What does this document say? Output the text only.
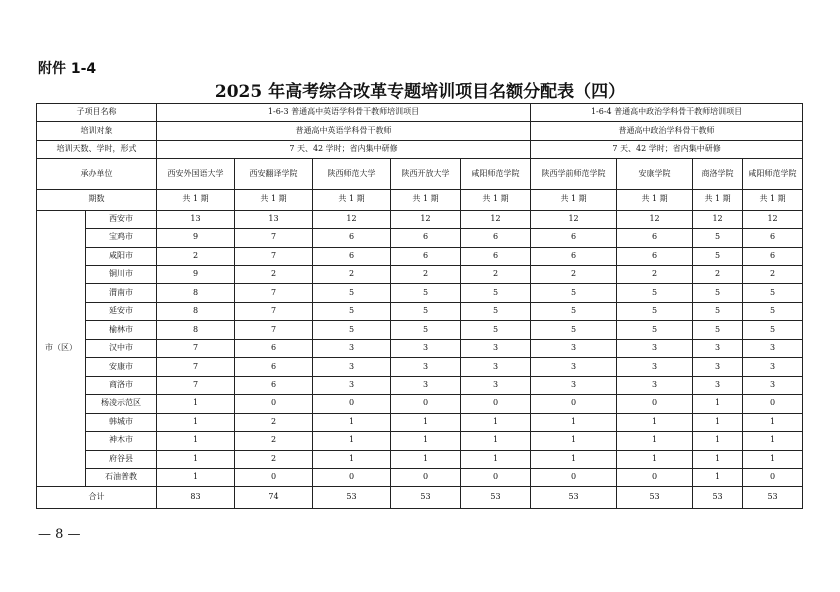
附件 1-4
2025 年高考综合改革专题培训项目名额分配表（四）
子项目名称		1-6-3 普通高中英语学科骨干教师培训项目					1-6-4 普通高中政治学科骨干教师培训项目			
培训对象		普通高中英语学科骨干教师					普通高中政治学科骨干教师			
培训天数、学时，形式		7 天、42 学时；省内集中研修					7 天、42 学时；省内集中研修			
承办单位		西安外国语大学	西安翻译学院	陕西师范大学	陕西开放大学	咸阳师范学院	陕西学前师范学院	安康学院	商洛学院	咸阳师范学院
期数		共 1 期	共 1 期	共 1 期	共 1 期	共 1 期	共 1 期	共 1 期	共 1 期	共 1 期
市（区）	西安市	13	13	12	12	12	12	12	12	12
	宝鸡市	9	7	6	6	6	6	6	5	6
	咸阳市	2	7	6	6	6	6	6	5	6
	铜川市	9	2	2	2	2	2	2	2	2
	渭南市	8	7	5	5	5	5	5	5	5
	延安市	8	7	5	5	5	5	5	5	5
	榆林市	8	7	5	5	5	5	5	5	5
	汉中市	7	6	3	3	3	3	3	3	3
	安康市	7	6	3	3	3	3	3	3	3
	商洛市	7	6	3	3	3	3	3	3	3
	杨凌示范区	1	0	0	0	0	0	0	1	0
	韩城市	1	2	1	1	1	1	1	1	1
	神木市	1	2	1	1	1	1	1	1	1
	府谷县	1	2	1	1	1	1	1	1	1
	石油普教	1	0	0	0	0	0	0	1	0
合计		83	74	53	53	53	53	53	53	53
— 8 —
